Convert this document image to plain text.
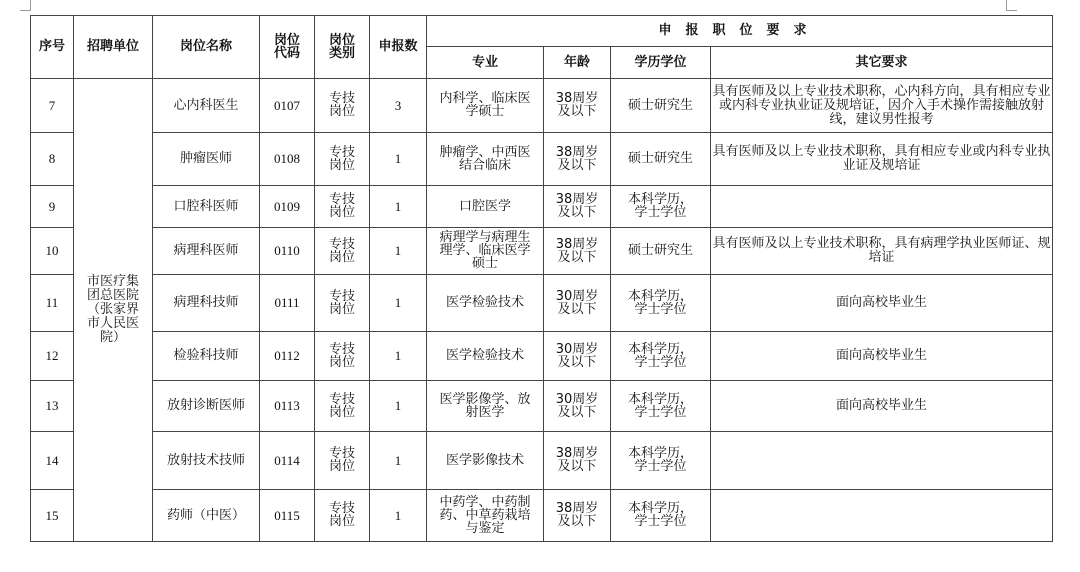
序号	招聘单位	岗位名称	岗位代码	岗位类别	申报数	申报职位要求			
						专业	年龄	学历学位	其它要求
7	市医疗集团总医院（张家界市人民医院）	心内科医生	0107	专技岗位	3	内科学、临床医学硕士	38周岁及以下	硕士研究生	具有医师及以上专业技术职称，心内科方向，具有相应专业或内科专业执业证及规培证，因介入手术操作需接触放射线，建议男性报考
8		肿瘤医师	0108	专技岗位	1	肿瘤学、中西医结合临床	38周岁及以下	硕士研究生	具有医师及以上专业技术职称，具有相应专业或内科专业执业证及规培证
9		口腔科医师	0109	专技岗位	1	口腔医学	38周岁及以下	本科学历，学士学位	
10		病理科医师	0110	专技岗位	1	病理学与病理生理学、临床医学硕士	38周岁及以下	硕士研究生	具有医师及以上专业技术职称，具有病理学执业医师证、规培证
11		病理科技师	0111	专技岗位	1	医学检验技术	30周岁及以下	本科学历，学士学位	面向高校毕业生
12		检验科技师	0112	专技岗位	1	医学检验技术	30周岁及以下	本科学历，学士学位	面向高校毕业生
13		放射诊断医师	0113	专技岗位	1	医学影像学、放射医学	30周岁及以下	本科学历，学士学位	面向高校毕业生
14		放射技术技师	0114	专技岗位	1	医学影像技术	38周岁及以下	本科学历，学士学位	
15		药师（中医）	0115	专技岗位	1	中药学、中药制药、中草药栽培与鉴定	38周岁及以下	本科学历，学士学位	
